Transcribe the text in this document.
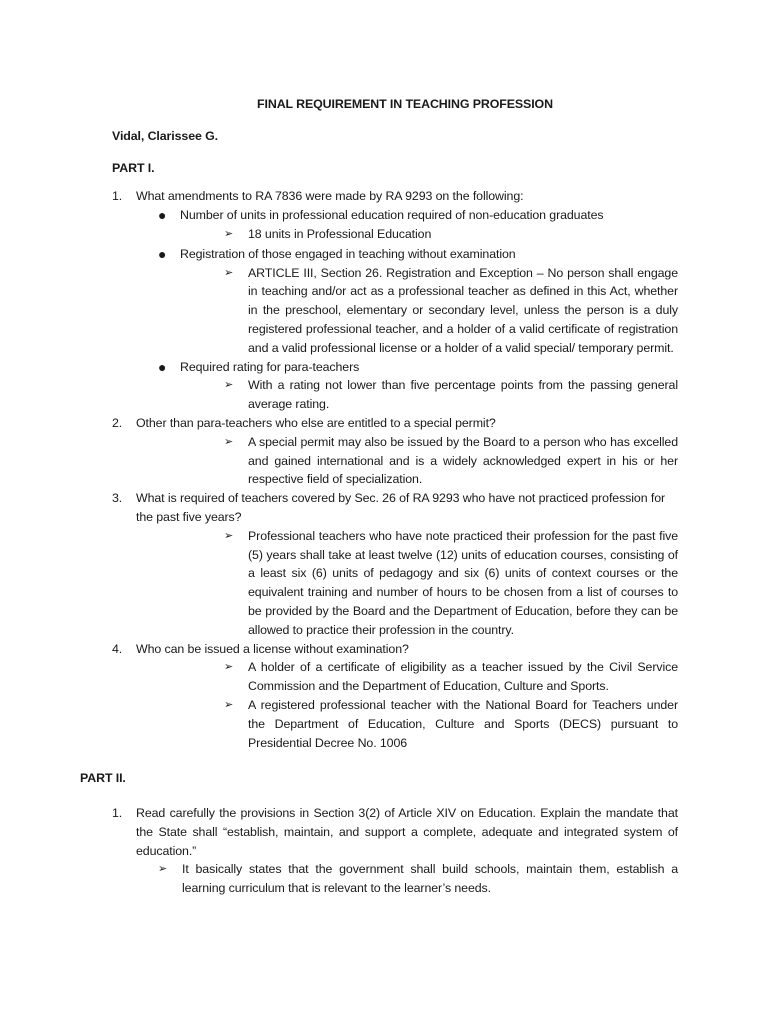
FINAL REQUIREMENT IN TEACHING PROFESSION
Vidal, Clarissee G.
PART I.
1.	What amendments to RA 7836 were made by RA 9293 on the following:
●	Number of units in professional education required of non-education graduates
➢	18 units in Professional Education
●	Registration of those engaged in teaching without examination
➢	ARTICLE III, Section 26. Registration and Exception – No person shall engage in teaching and/or act as a professional teacher as defined in this Act, whether in the preschool, elementary or secondary level, unless the person is a duly registered professional teacher, and a holder of a valid certificate of registration and a valid professional license or a holder of a valid special/ temporary permit.
●	Required rating for para-teachers
➢	With a rating not lower than five percentage points from the passing general average rating.
2.	Other than para-teachers who else are entitled to a special permit?
➢	A special permit may also be issued by the Board to a person who has excelled and gained international and is a widely acknowledged expert in his or her respective field of specialization.
3.	What is required of teachers covered by Sec. 26 of RA 9293 who have not practiced profession for the past five years?
➢	Professional teachers who have note practiced their profession for the past five (5) years shall take at least twelve (12) units of education courses, consisting of a least six (6) units of pedagogy and six (6) units of context courses or the equivalent training and number of hours to be chosen from a list of courses to be provided by the Board and the Department of Education, before they can be allowed to practice their profession in the country.
4.	Who can be issued a license without examination?
➢	A holder of a certificate of eligibility as a teacher issued by the Civil Service Commission and the Department of Education, Culture and Sports.
➢	A registered professional teacher with the National Board for Teachers under the Department of Education, Culture and Sports (DECS) pursuant to Presidential Decree No. 1006
PART II.
1.	Read carefully the provisions in Section 3(2) of Article XIV on Education. Explain the mandate that the State shall “establish, maintain, and support a complete, adequate and integrated system of education.”
➢	It basically states that the government shall build schools, maintain them, establish a learning curriculum that is relevant to the learner’s needs.
